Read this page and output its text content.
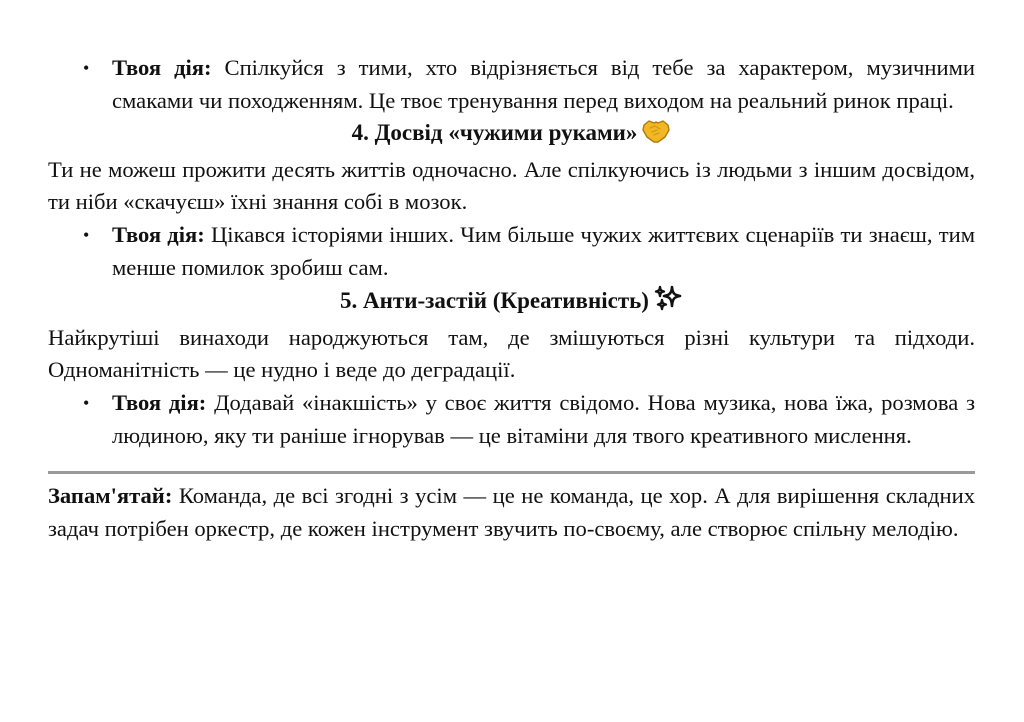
• Твоя дія: Спілкуйся з тими, хто відрізняється від тебе за характером, музичними смаками чи походженням. Це твоє тренування перед виходом на реальний ринок праці.

4. Досвід «чужими руками»

Ти не можеш прожити десять життів одночасно. Але спілкуючись із людьми з іншим досвідом, ти ніби «скачуєш» їхні знання собі в мозок.

• Твоя дія: Цікався історіями інших. Чим більше чужих життєвих сценаріїв ти знаєш, тим менше помилок зробиш сам.

5. Анти-застій (Креативність)

Найкрутіші винаходи народжуються там, де змішуються різні культури та підходи. Одноманітність — це нудно і веде до деградації.

• Твоя дія: Додавай «інакшість» у своє життя свідомо. Нова музика, нова їжа, розмова з людиною, яку ти раніше ігнорував — це вітаміни для твого креативного мислення.

Запам'ятай: Команда, де всі згодні з усім — це не команда, це хор. А для вирішення складних задач потрібен оркестр, де кожен інструмент звучить по-своєму, але створює спільну мелодію.
